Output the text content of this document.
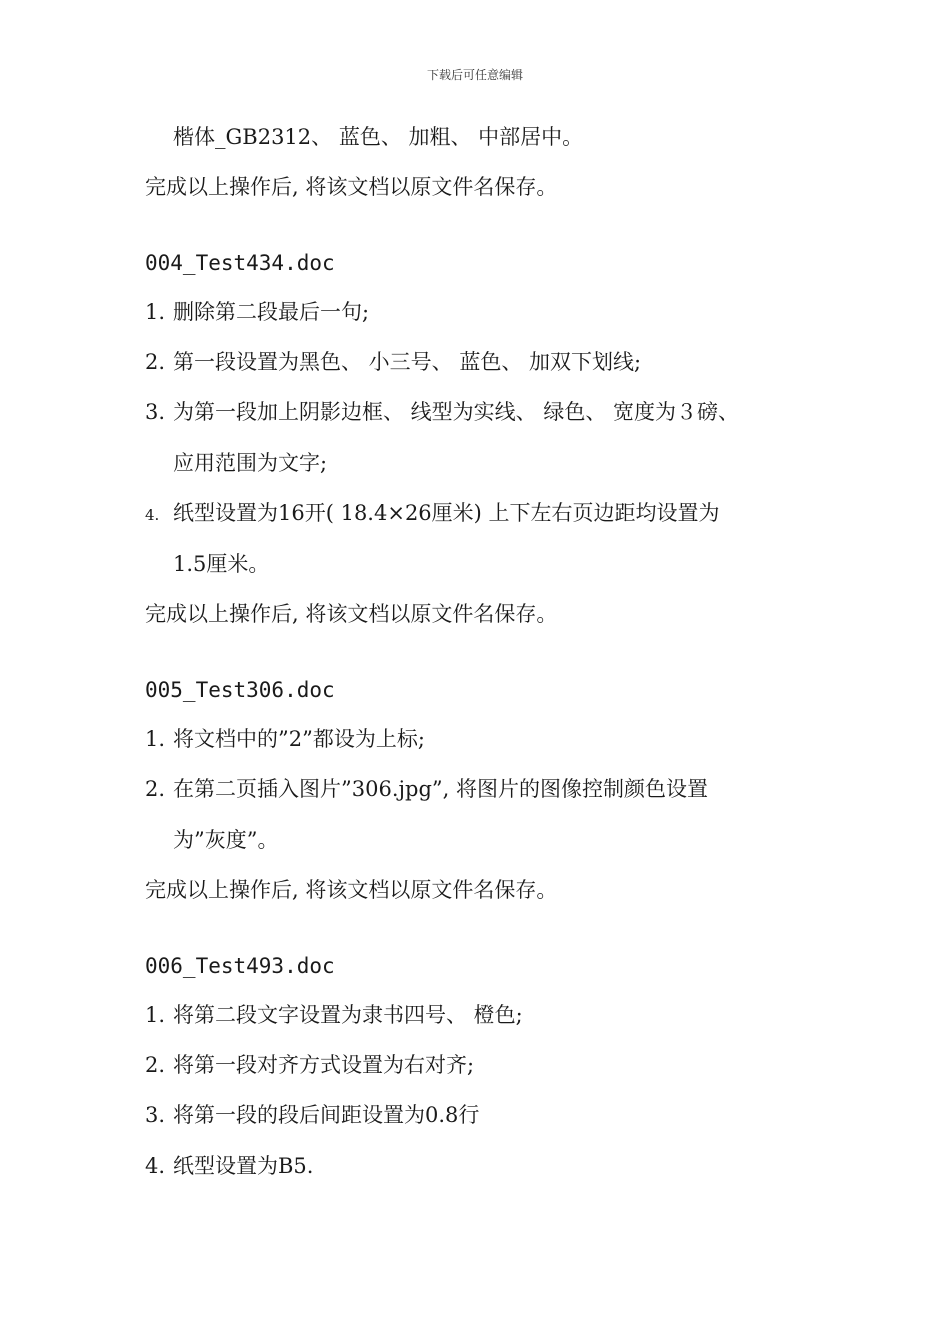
下载后可任意编辑
楷体_GB2312、 蓝色、 加粗、 中部居中。
完成以上操作后, 将该文档以原文件名保存。
004_Test434.doc
1. 删除第二段最后一句;
2. 第一段设置为黑色、 小三号、 蓝色、 加双下划线;
3. 为第一段加上阴影边框、 线型为实线、 绿色、 宽度为３磅、
应用范围为文字;
4. 纸型设置为16开( 18.4×26厘米) 上下左右页边距均设置为
1.5厘米。
完成以上操作后, 将该文档以原文件名保存。
005_Test306.doc
1. 将文档中的”2”都设为上标;
2. 在第二页插入图片”306.jpg”, 将图片的图像控制颜色设置
为”灰度”。
完成以上操作后, 将该文档以原文件名保存。
006_Test493.doc
1. 将第二段文字设置为隶书四号、 橙色;
2. 将第一段对齐方式设置为右对齐;
3. 将第一段的段后间距设置为0.8行
4. 纸型设置为B5.
